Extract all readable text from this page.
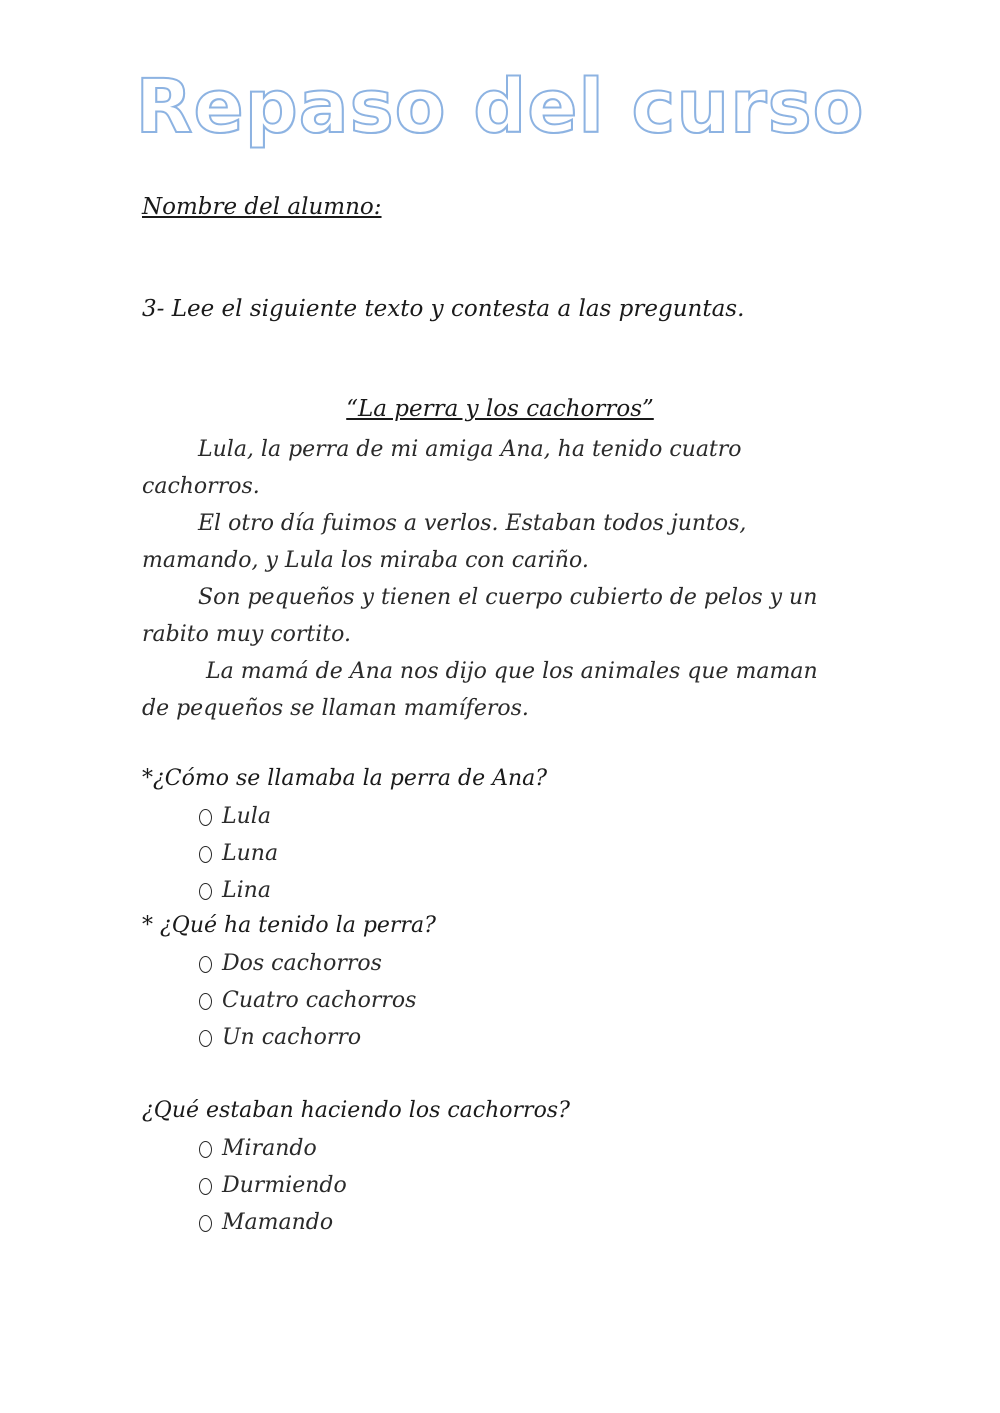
Repaso del curso
Nombre del alumno:
3- Lee el siguiente texto y contesta a las preguntas.
“La perra y los cachorros”
Lula, la perra de mi amiga Ana, ha tenido cuatro cachorros.
El otro día fuimos a verlos. Estaban todos juntos, mamando, y Lula los miraba con cariño.
Son pequeños y tienen el cuerpo cubierto de pelos y un rabito muy cortito.
La mamá de Ana nos dijo que los animales que maman de pequeños se llaman mamíferos.
*¿Cómo se llamaba la perra de Ana?
Lula
Luna
Lina
* ¿Qué ha tenido la perra?
Dos cachorros
Cuatro cachorros
Un cachorro
¿Qué estaban haciendo los cachorros?
Mirando
Durmiendo
Mamando
